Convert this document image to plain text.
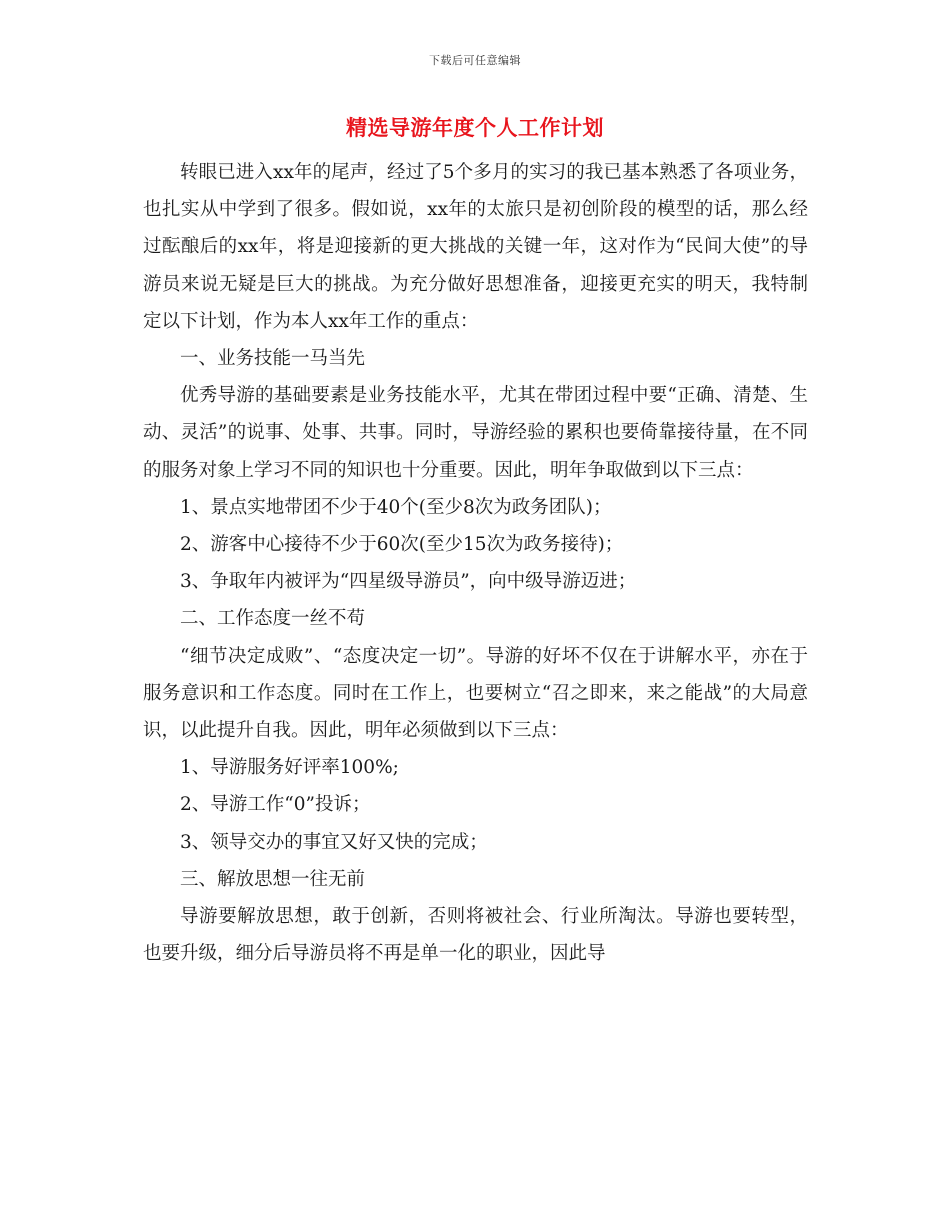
下载后可任意编辑
精选导游年度个人工作计划

转眼已进入xx年的尾声，经过了5个多月的实习的我已基本熟悉了各项业务，也扎实从中学到了很多。假如说，xx年的太旅只是初创阶段的模型的话，那么经过酝酿后的xx年，将是迎接新的更大挑战的关键一年，这对作为“民间大使”的导游员来说无疑是巨大的挑战。为充分做好思想准备，迎接更充实的明天，我特制定以下计划，作为本人xx年工作的重点：

一、业务技能一马当先

优秀导游的基础要素是业务技能水平，尤其在带团过程中要“正确、清楚、生动、灵活”的说事、处事、共事。同时，导游经验的累积也要倚靠接待量，在不同的服务对象上学习不同的知识也十分重要。因此，明年争取做到以下三点：

1、景点实地带团不少于40个(至少8次为政务团队)；

2、游客中心接待不少于60次(至少15次为政务接待)；

3、争取年内被评为“四星级导游员”，向中级导游迈进；

二、工作态度一丝不苟

“细节决定成败”、“态度决定一切”。导游的好坏不仅在于讲解水平，亦在于服务意识和工作态度。同时在工作上，也要树立“召之即来，来之能战”的大局意识，以此提升自我。因此，明年必须做到以下三点：

1、导游服务好评率100%;

2、导游工作“0”投诉；

3、领导交办的事宜又好又快的完成；

三、解放思想一往无前

导游要解放思想，敢于创新，否则将被社会、行业所淘汰。导游也要转型，也要升级，细分后导游员将不再是单一化的职业，因此导
